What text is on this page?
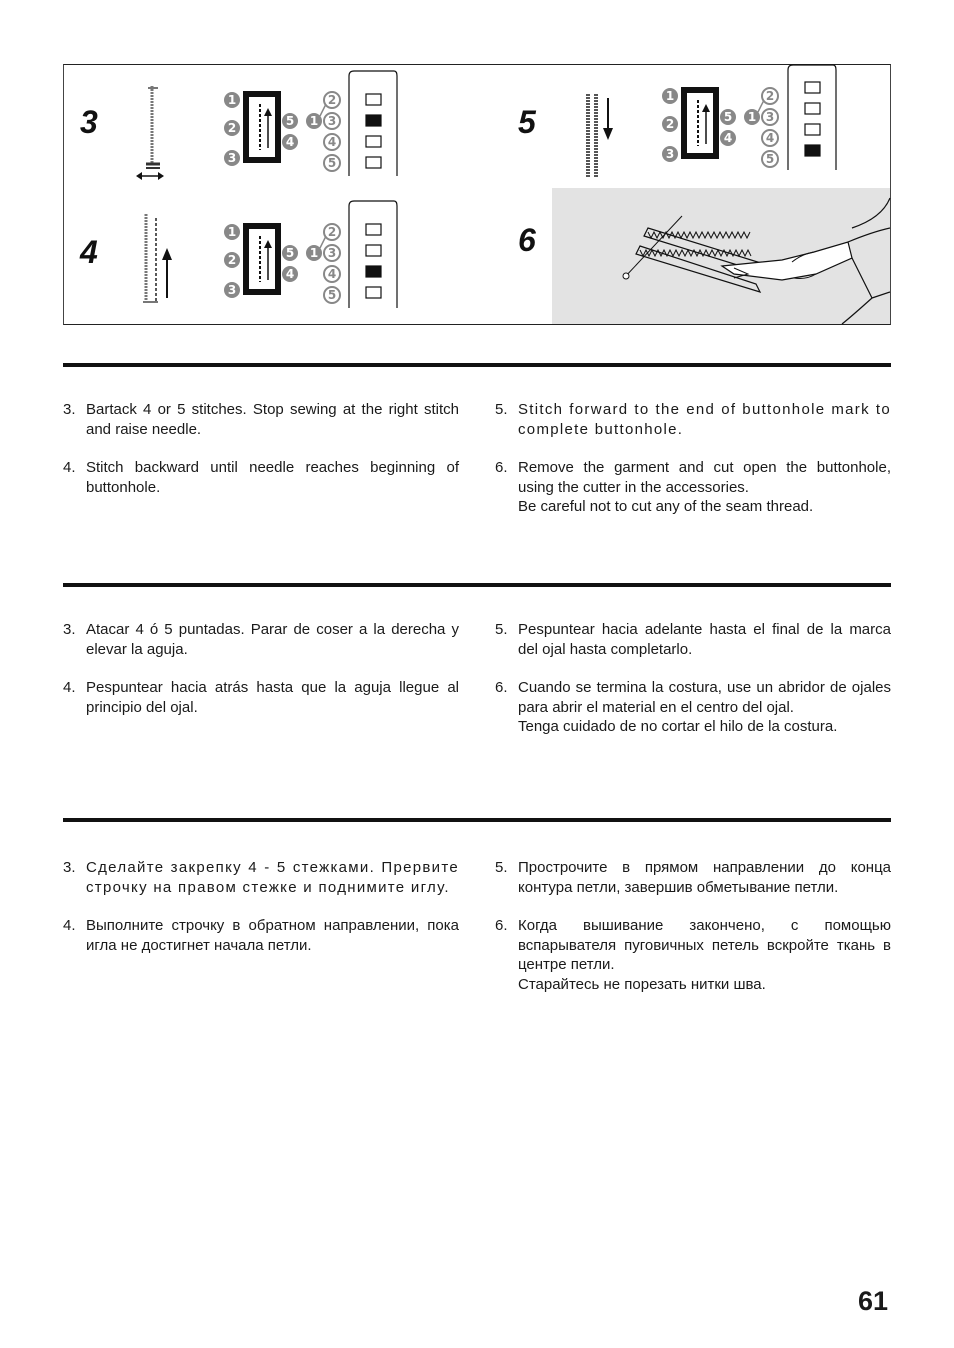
3
4
5
6
1
2
3
5
4
1
2
3
4
5
1
2
3
5
4
1
2
3
4
5
1
2
3
5
4
1
2
3
4
5
3. Bartack 4 or 5 stitches. Stop sewing at the right stitch and raise needle.

4. Stitch backward until needle reaches beginning of buttonhole.

5. Stitch forward to the end of buttonhole mark to complete buttonhole.

6. Remove the garment and cut open the buttonhole, using the cutter in the accessories.

Be careful not to cut any of the seam thread.

3. Atacar 4 ó 5 puntadas. Parar de coser a la derecha y elevar la aguja.

4. Pespuntear hacia atrás hasta que la aguja llegue al principio del ojal.

5. Pespuntear hacia adelante hasta el final de la marca del ojal hasta completarlo.

6. Cuando se termina la costura, use un abridor de ojales para abrir el material en el centro del ojal.

Tenga cuidado de no cortar el hilo de la costura.

3. Сделайте закрепку 4 - 5 стежками. Прервите строчку на правом стежке и поднимите иглу.

4. Выполните строчку в обратном направлении, пока игла не достигнет начала петли.

5. Прострочите в прямом направлении до конца контура петли, завершив обметывание петли.

6. Когда вышивание закончено, с помощью вспарывателя пуговичных петель вскройте ткань в центре петли.

Старайтесь не порезать нитки шва.

61
